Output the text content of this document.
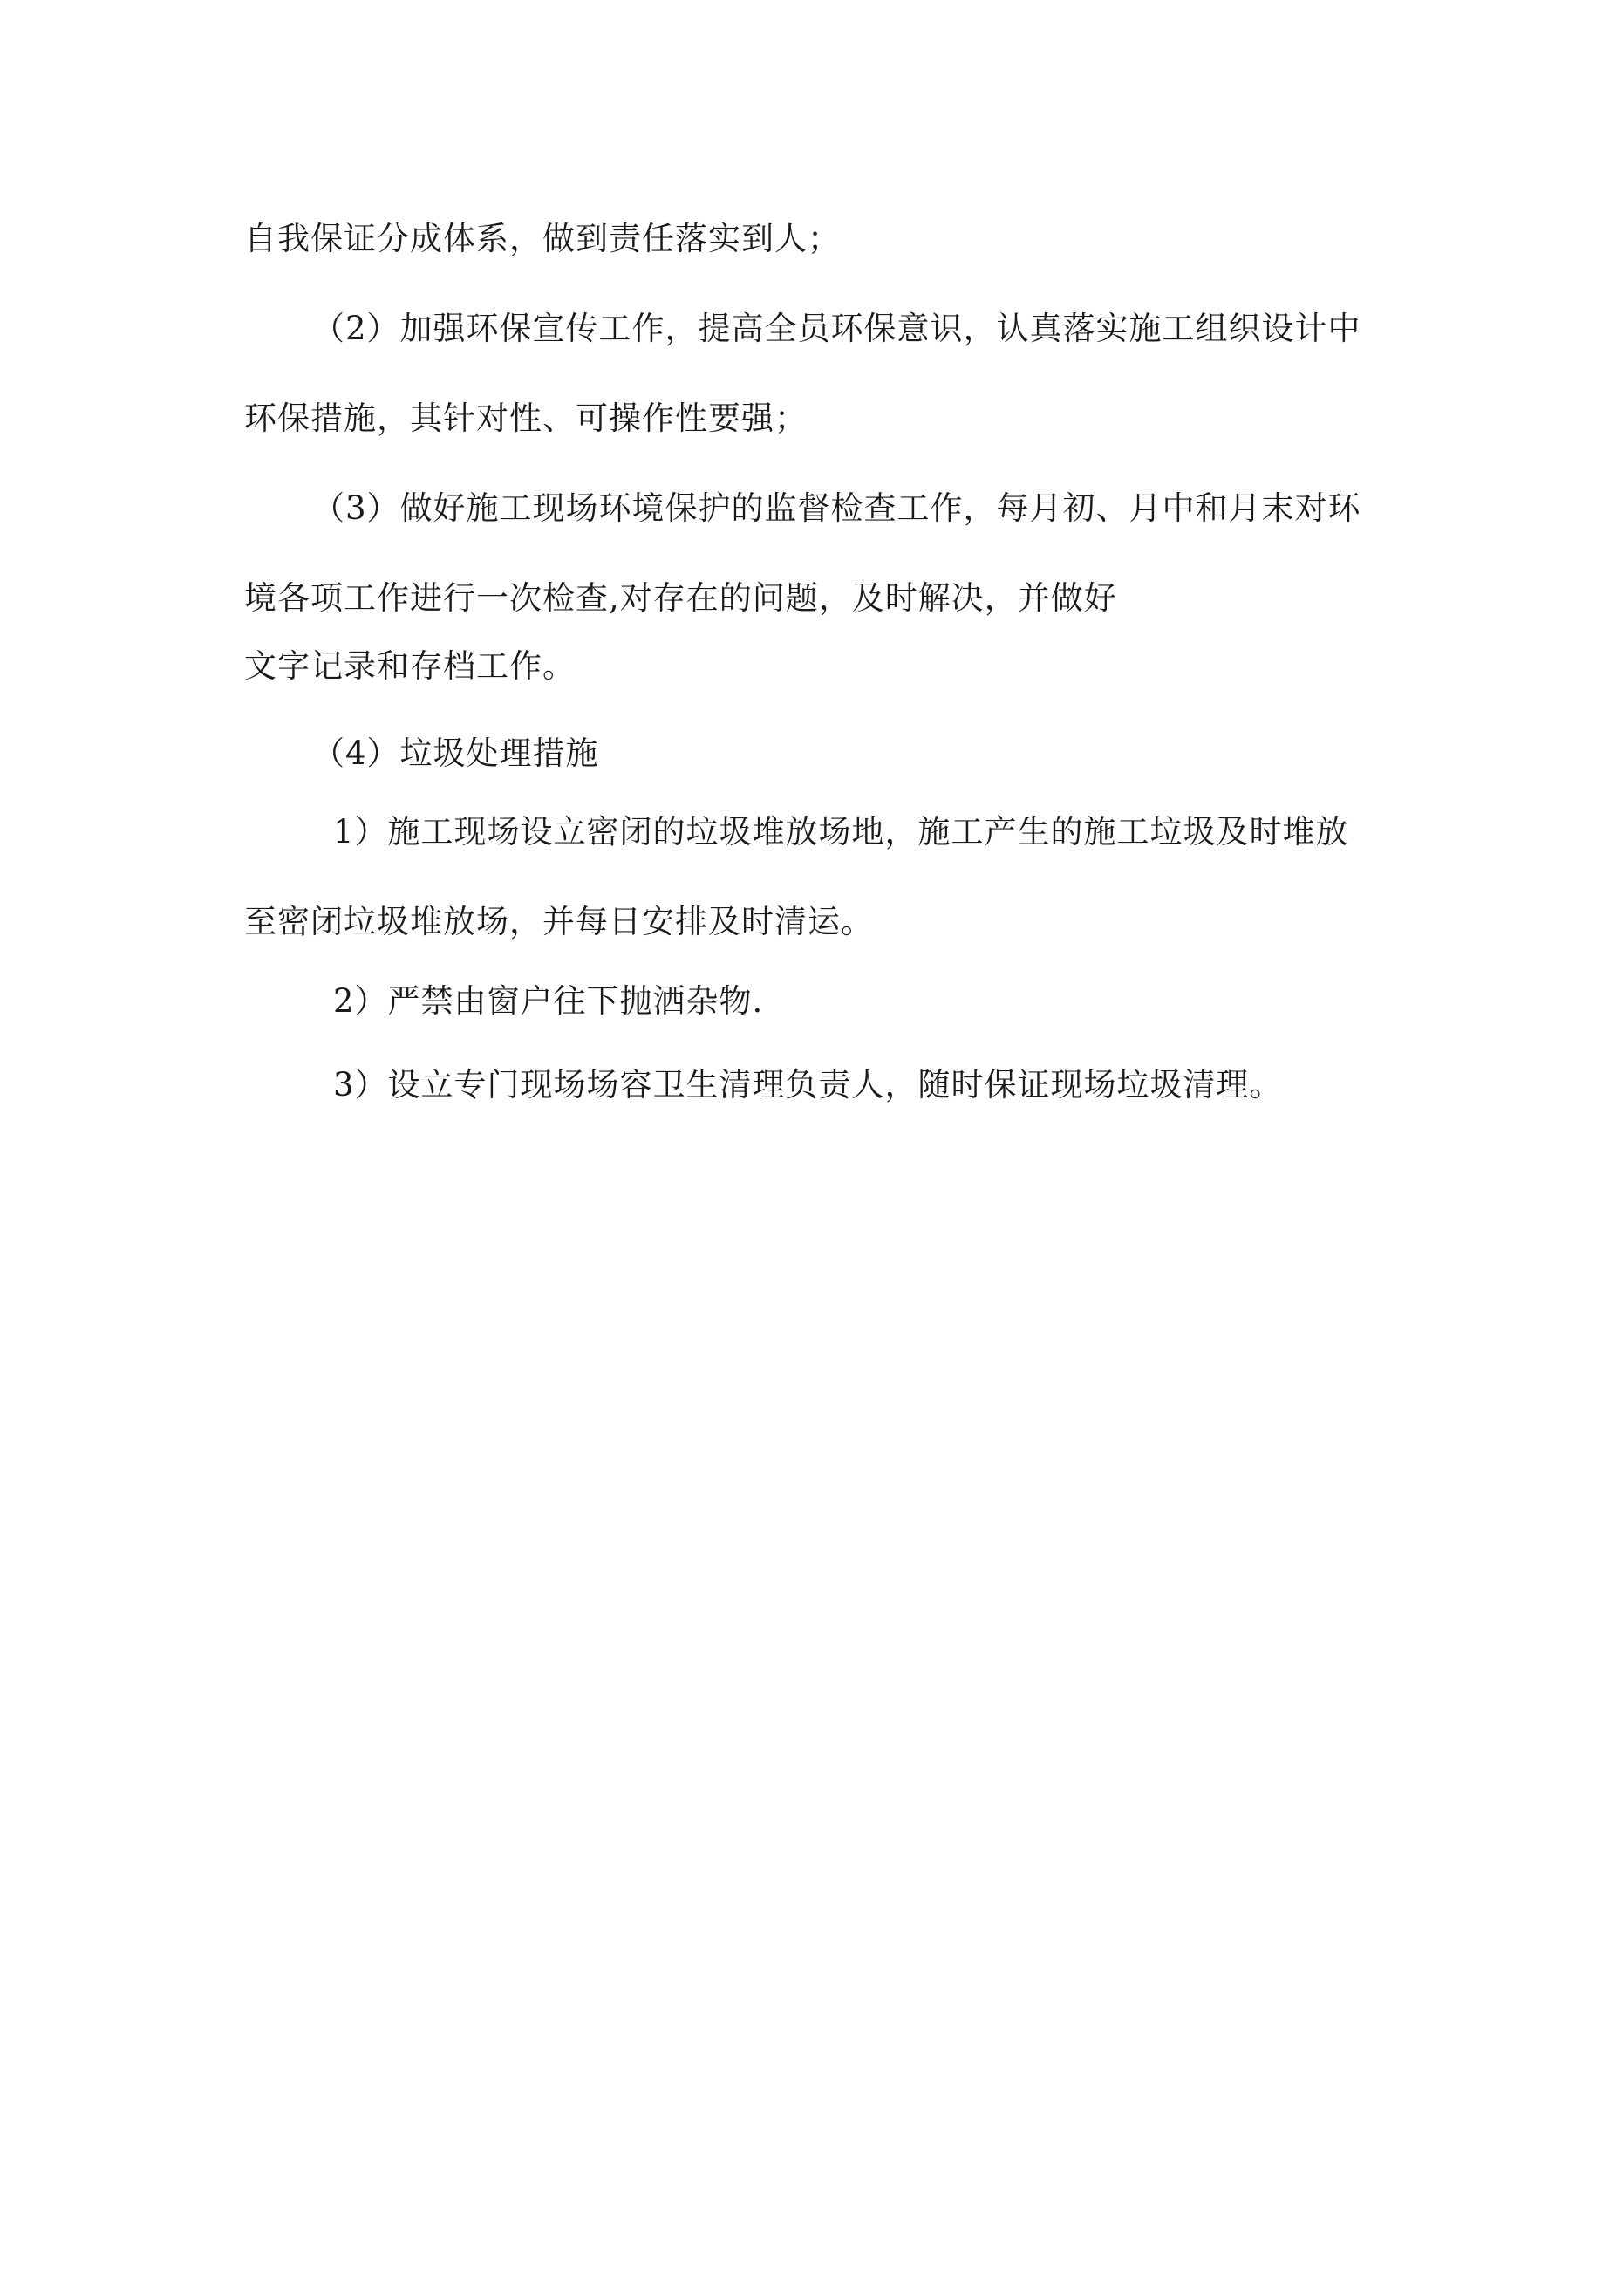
自我保证分成体系，做到责任落实到人；
（2）加强环保宣传工作，提高全员环保意识，认真落实施工组织设计中
环保措施，其针对性、可操作性要强；
（3）做好施工现场环境保护的监督检查工作，每月初、月中和月末对环
境各项工作进行一次检查,对存在的问题，及时解决，并做好
文字记录和存档工作。
（4）垃圾处理措施
1）施工现场设立密闭的垃圾堆放场地，施工产生的施工垃圾及时堆放
至密闭垃圾堆放场，并每日安排及时清运。
2）严禁由窗户往下抛洒杂物.
3）设立专门现场场容卫生清理负责人，随时保证现场垃圾清理。
